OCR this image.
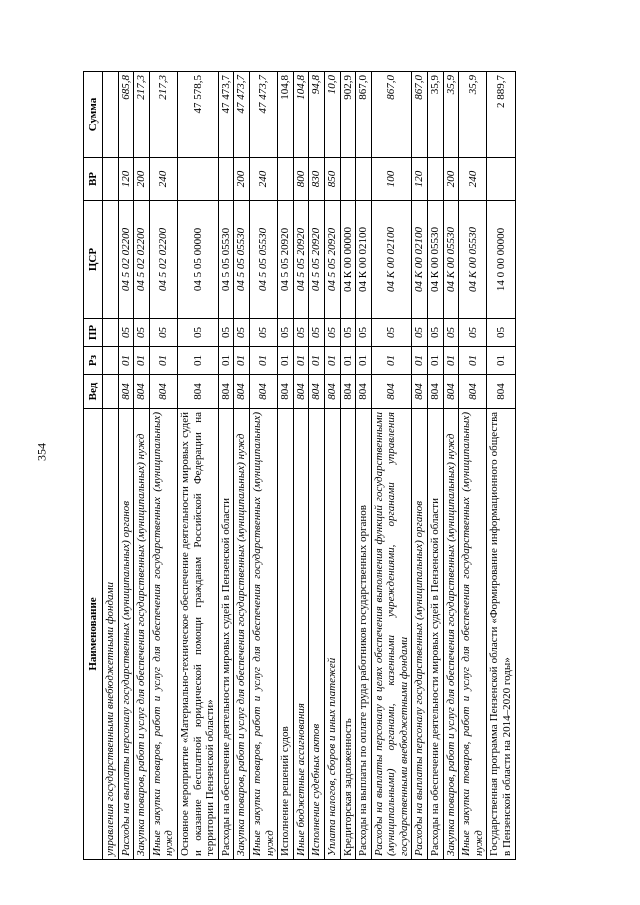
354
Наименование	Вед	Рз	ПР	ЦСР	ВР	Сумма
управления государственными внебюджетными фондами						
Расходы на выплаты персоналу государственных (муниципальных) органов	804	01	05	04 5 02 02200	120	685,8
Закупка товаров, работ и услуг для обеспечения государственных (муниципальных) нужд	804	01	05	04 5 02 02200	200	217,3
Иные закупки товаров, работ и услуг для обеспечения государственных (муниципальных) нужд	804	01	05	04 5 02 02200	240	217,3
Основное мероприятие «Материально-техническое обеспечение деятельности мировых судей и оказание бесплатной юридической помощи гражданам Российской Федерации на территории Пензенской области»	804	01	05	04 5 05 00000		47 578,5
Расходы на обеспечение деятельности мировых судей в Пензенской области	804	01	05	04 5 05 05530		47 473,7
Закупка товаров, работ и услуг для обеспечения государственных (муниципальных) нужд	804	01	05	04 5 05 05530	200	47 473,7
Иные закупки товаров, работ и услуг для обеспечения государственных (муниципальных) нужд	804	01	05	04 5 05 05530	240	47 473,7
Исполнение решений судов	804	01	05	04 5 05 20920		104,8
Иные бюджетные ассигнования	804	01	05	04 5 05 20920	800	104,8
Исполнение судебных актов	804	01	05	04 5 05 20920	830	94,8
Уплата налогов, сборов и иных платежей	804	01	05	04 5 05 20920	850	10,0
Кредиторская задолженность	804	01	05	04 К 00 00000		902,9
Расходы на выплаты по оплате труда работников государственных органов	804	01	05	04 К 00 02100		867,0
Расходы на выплаты персоналу в целях обеспечения выполнения функций государственными (муниципальными) органами, казенными учреждениями, органами управления государственными внебюджетными фондами	804	01	05	04 К 00 02100	100	867,0
Расходы на выплаты персоналу государственных (муниципальных) органов	804	01	05	04 К 00 02100	120	867,0
Расходы на обеспечение деятельности мировых судей в Пензенской области	804	01	05	04 К 00 05530		35,9
Закупка товаров, работ и услуг для обеспечения государственных (муниципальных) нужд	804	01	05	04 К 00 05530	200	35,9
Иные закупки товаров, работ и услуг для обеспечения государственных (муниципальных) нужд	804	01	05	04 К 00 05530	240	35,9
Государственная программа Пензенской области «Формирование информационного общества в Пензенской области на 2014–2020 годы»	804	01	05	14 0 00 00000		2 889,7
